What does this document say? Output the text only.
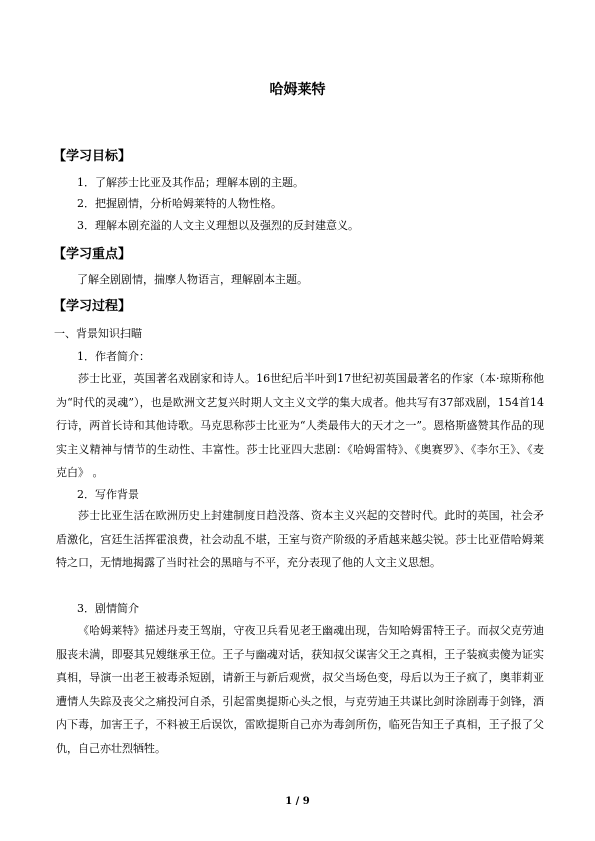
哈姆莱特
【学习目标】
1．了解莎士比亚及其作品；理解本剧的主题。
2．把握剧情，分析哈姆莱特的人物性格。
3．理解本剧充溢的人文主义理想以及强烈的反封建意义。
【学习重点】
了解全剧剧情，揣摩人物语言，理解剧本主题。
【学习过程】
一、背景知识扫瞄
1．作者简介：

莎士比亚，英国著名戏剧家和诗人。16世纪后半叶到17世纪初英国最著名的作家（本·琼斯称他为“时代的灵魂”），也是欧洲文艺复兴时期人文主义文学的集大成者。他共写有37部戏剧，154首14行诗，两首长诗和其他诗歌。马克思称莎士比亚为“人类最伟大的天才之一”。恩格斯盛赞其作品的现实主义精神与情节的生动性、丰富性。莎士比亚四大悲剧：《哈姆雷特》、《奥赛罗》、《李尔王》、《麦克白》 。

2．写作背景

莎士比亚生活在欧洲历史上封建制度日趋没落、资本主义兴起的交替时代。此时的英国，社会矛盾激化，宫廷生活挥霍浪费，社会动乱不堪，王室与资产阶级的矛盾越来越尖锐。莎士比亚借哈姆莱特之口，无情地揭露了当时社会的黑暗与不平，充分表现了他的人文主义思想。

3．剧情简介

《哈姆莱特》描述丹麦王驾崩，守夜卫兵看见老王幽魂出现，告知哈姆雷特王子。而叔父克劳迪服丧未满，即娶其兄嫂继承王位。王子与幽魂对话，获知叔父谋害父王之真相，王子装疯卖傻为证实真相，导演一出老王被毒杀短剧，请新王与新后观赏，叔父当场色变，母后以为王子疯了，奥菲莉亚遭情人失踪及丧父之痛投河自杀，引起雷奥提斯心头之恨，与克劳迪王共谋比剑时涂剧毒于剑锋，酒内下毒，加害王子，不料被王后误饮，雷欧提斯自己亦为毒剑所伤，临死告知王子真相，王子报了父仇，自己亦壮烈牺牲。

1 / 9
